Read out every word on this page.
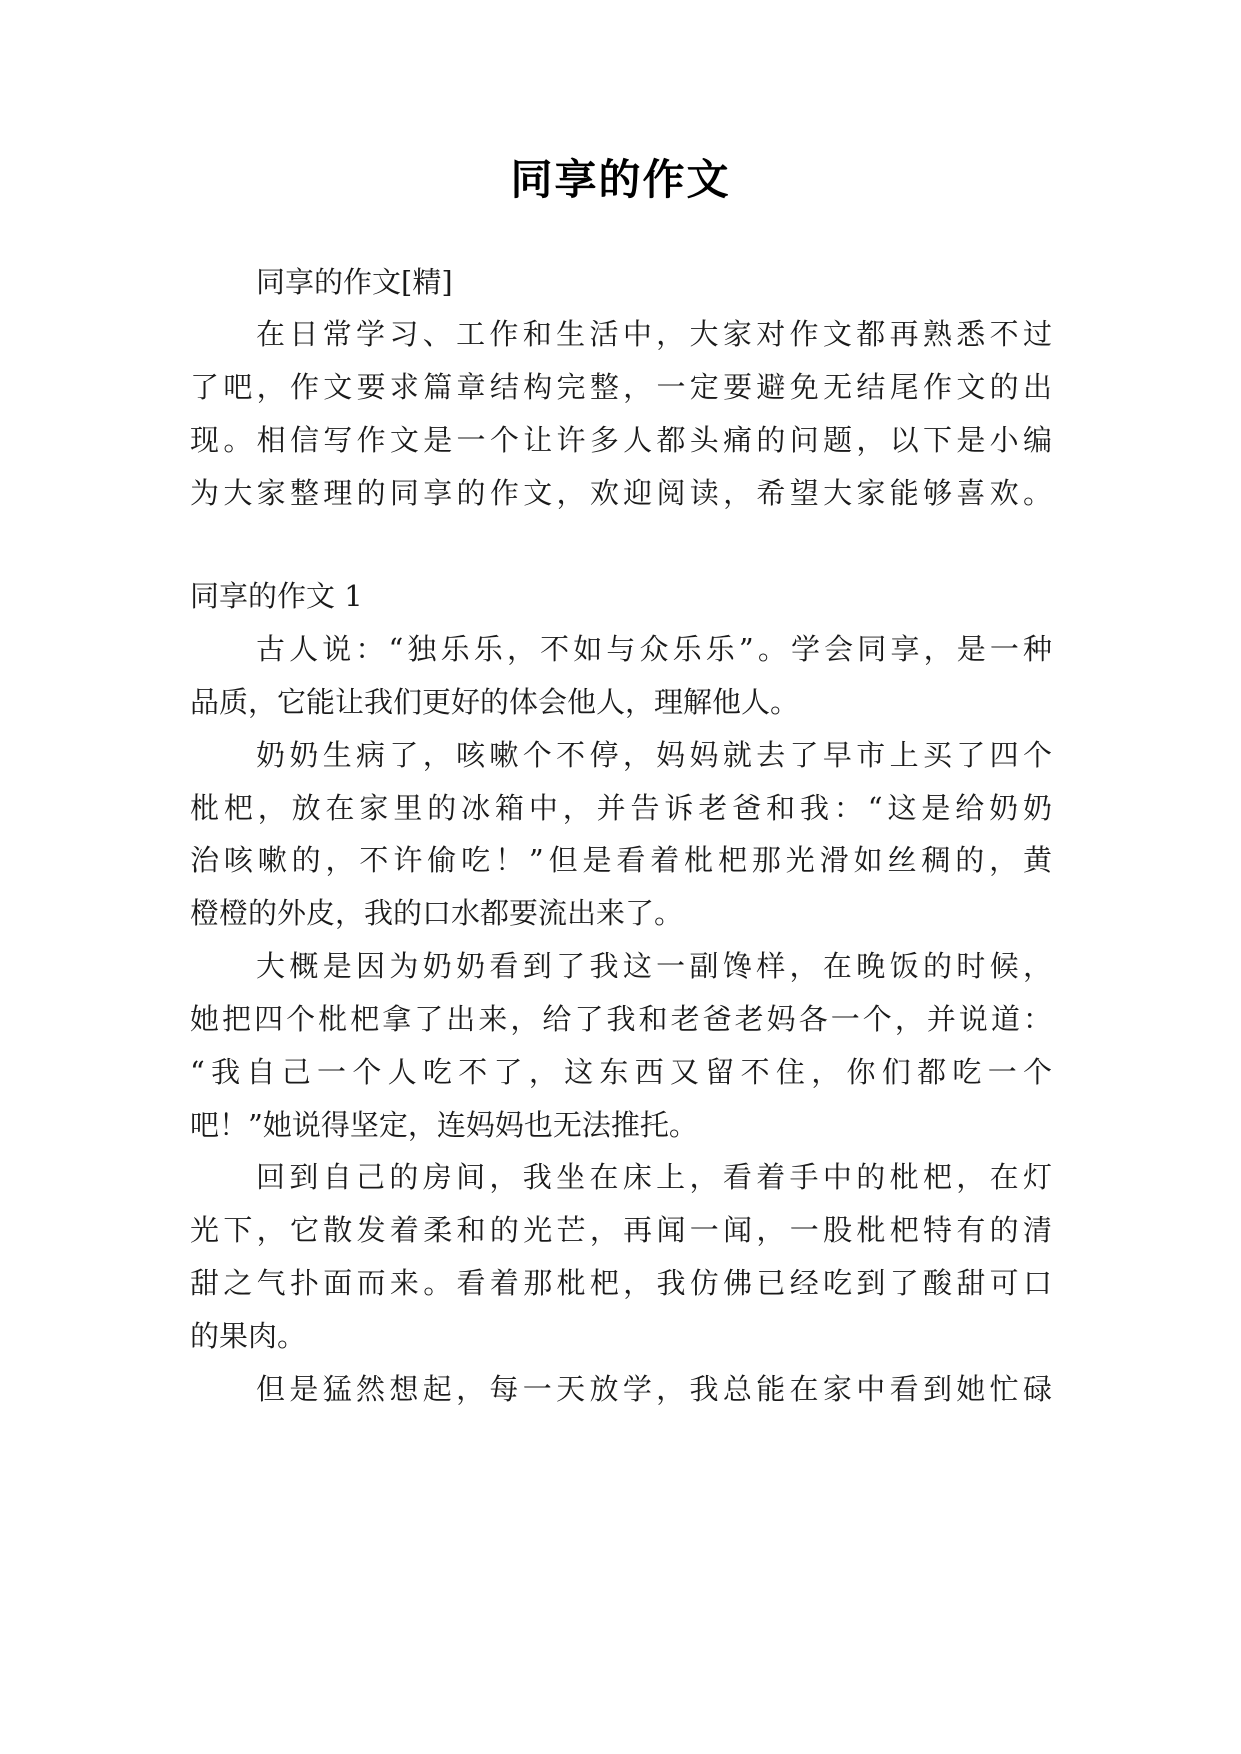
同享的作文
同享的作文[精]
在日常学习、工作和生活中，大家对作文都再熟悉不过
了吧，作文要求篇章结构完整，一定要避免无结尾作文的出
现。相信写作文是一个让许多人都头痛的问题，以下是小编
为大家整理的同享的作文，欢迎阅读，希望大家能够喜欢。
同享的作文 1
古人说：“独乐乐，不如与众乐乐”。学会同享，是一种
品质，它能让我们更好的体会他人，理解他人。
奶奶生病了，咳嗽个不停，妈妈就去了早市上买了四个
枇杷，放在家里的冰箱中，并告诉老爸和我：“这是给奶奶
治咳嗽的，不许偷吃！”但是看着枇杷那光滑如丝稠的，黄
橙橙的外皮，我的口水都要流出来了。
大概是因为奶奶看到了我这一副馋样，在晚饭的时候，
她把四个枇杷拿了出来，给了我和老爸老妈各一个，并说道：
“我自己一个人吃不了，这东西又留不住，你们都吃一个
吧！”她说得坚定，连妈妈也无法推托。
回到自己的房间，我坐在床上，看着手中的枇杷，在灯
光下，它散发着柔和的光芒，再闻一闻，一股枇杷特有的清
甜之气扑面而来。看着那枇杷，我仿佛已经吃到了酸甜可口
的果肉。
但是猛然想起，每一天放学，我总能在家中看到她忙碌
